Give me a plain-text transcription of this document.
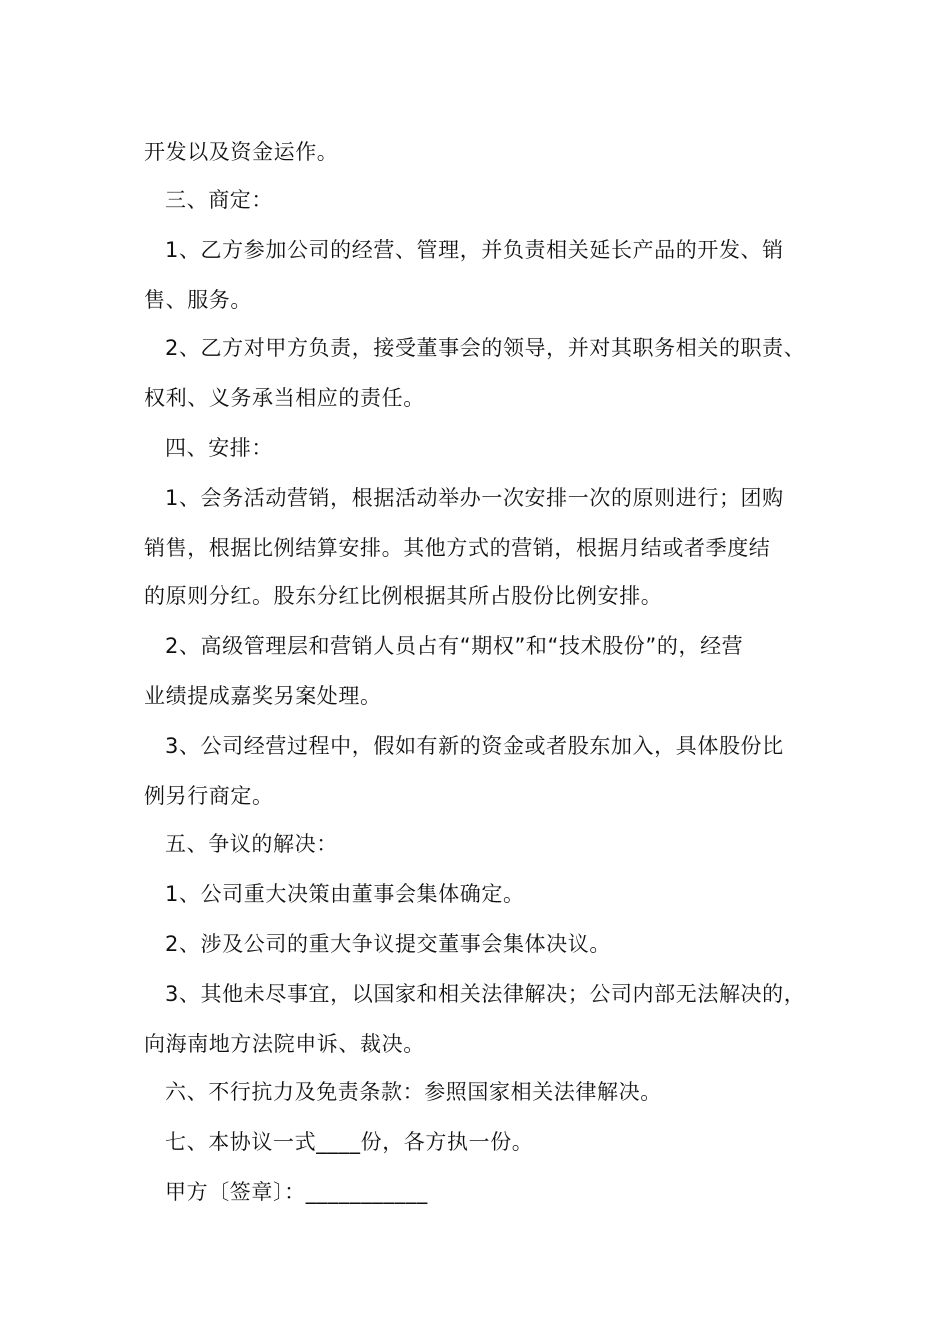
开发以及资金运作。
三、商定：
1、乙方参加公司的经营、管理，并负责相关延长产品的开发、销
售、服务。
2、乙方对甲方负责，接受董事会的领导，并对其职务相关的职责、
权利、义务承当相应的责任。
四、安排：
1、会务活动营销，根据活动举办一次安排一次的原则进行；团购
销售，根据比例结算安排。其他方式的营销，根据月结或者季度结
的原则分红。股东分红比例根据其所占股份比例安排。
2、高级管理层和营销人员占有“期权”和“技术股份”的，经营
业绩提成嘉奖另案处理。
3、公司经营过程中，假如有新的资金或者股东加入，具体股份比
例另行商定。
五、争议的解决：
1、公司重大决策由董事会集体确定。
2、涉及公司的重大争议提交董事会集体决议。
3、其他未尽事宜，以国家和相关法律解决；公司内部无法解决的，
向海南地方法院申诉、裁决。
六、不行抗力及免责条款：参照国家相关法律解决。
七、本协议一式____份，各方执一份。
甲方〔签章〕：___________
